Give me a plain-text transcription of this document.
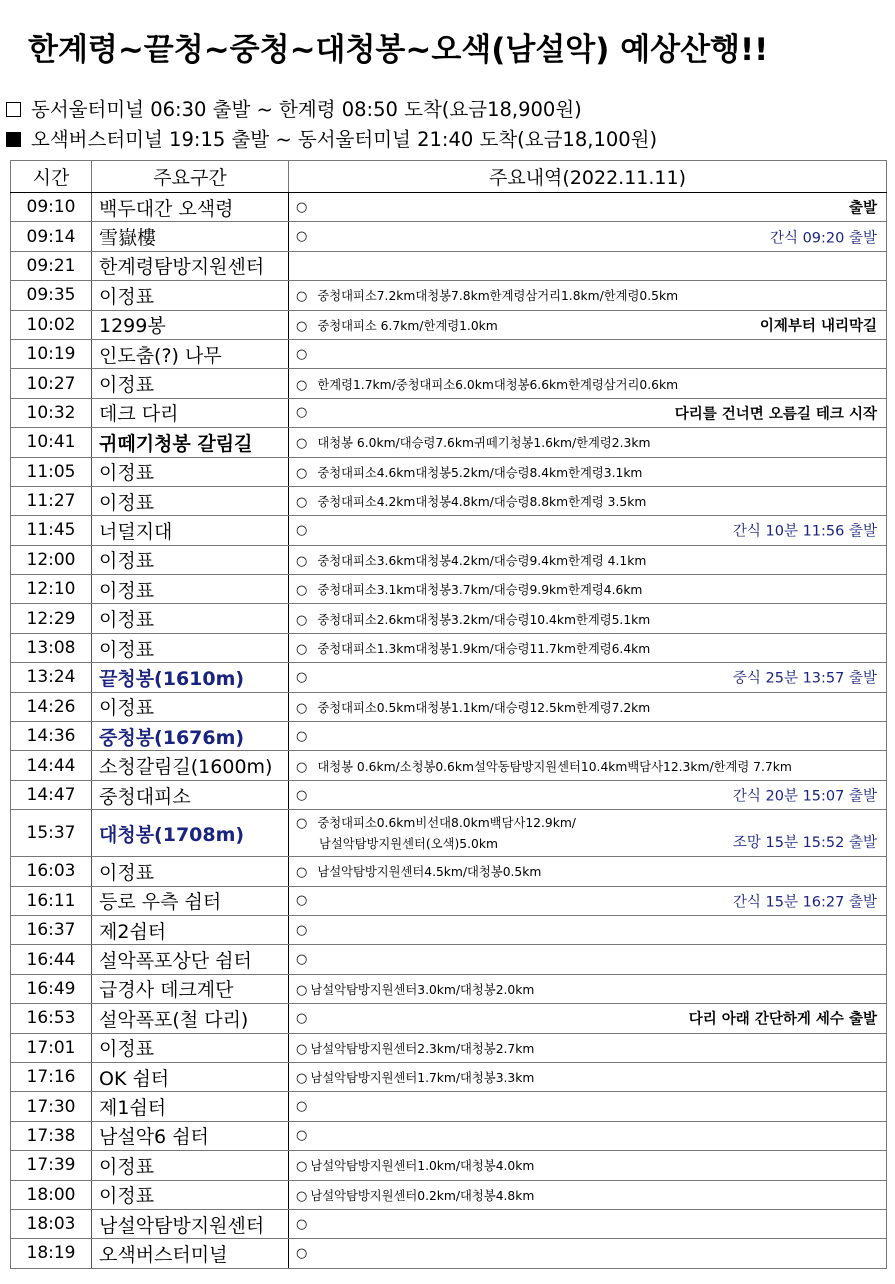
한계령~끝청~중청~대청봉~오색(남설악) 예상산행!!
동서울터미널 06:30 출발 ~ 한계령 08:50 도착(요금18,900원)
오색버스터미널 19:15 출발 ~ 동서울터미널 21:40 도착(요금18,100원)
시간	주요구간	주요내역(2022.11.11)
09:10	백두대간 오색령	○ 출발

09:14	雪嶽樓	○ 간식 09:20 출발

09:21	한계령탐방지원센터	
09:35	이정표	○ 중청대피소7.2km대청봉7.8km한계령삼거리1.8km/한계령0.5km
10:02	1299봉	○ 중청대피소 6.7km/한계령1.0km 이제부터 내리막길

10:19	인도춤(?) 나무	○
10:27	이정표	○ 한계령1.7km/중청대피소6.0km대청봉6.6km한계령삼거리0.6km
10:32	데크 다리	○ 다리를 건너면 오름길 테크 시작

10:41	귀떼기청봉 갈림길	○ 대청봉 6.0km/대승령7.6km귀떼기청봉1.6km/한계령2.3km
11:05	이정표	○ 중청대피소4.6km대청봉5.2km/대승령8.4km한계령3.1km
11:27	이정표	○ 중청대피소4.2km대청봉4.8km/대승령8.8km한계령 3.5km
11:45	너덜지대	○ 간식 10분 11:56 출발

12:00	이정표	○ 중청대피소3.6km대청봉4.2km/대승령9.4km한계령 4.1km
12:10	이정표	○ 중청대피소3.1km대청봉3.7km/대승령9.9km한계령4.6km
12:29	이정표	○ 중청대피소2.6km대청봉3.2km/대승령10.4km한계령5.1km
13:08	이정표	○ 중청대피소1.3km대청봉1.9km/대승령11.7km한계령6.4km
13:24	끝청봉(1610m)	○ 중식 25분 13:57 출발

14:26	이정표	○ 중청대피소0.5km대청봉1.1km/대승령12.5km한계령7.2km
14:36	중청봉(1676m)	○
14:44	소청갈림길(1600m)	○ 대청봉 0.6km/소청봉0.6km설악동탐방지원센터10.4km백담사12.3km/한계령 7.7km
14:47	중청대피소	○ 간식 20분 15:07 출발

15:37	대청봉(1708m)	○ 중청대피소0.6km비선대8.0km백담사12.9km/
남설악탐방지원센터(오색)5.0km 조망 15분 15:52 출발

16:03	이정표	○ 남설악탐방지원센터4.5km/대청봉0.5km
16:11	등로 우측 쉼터	○ 간식 15분 16:27 출발

16:37	제2쉼터	○
16:44	설악폭포상단 쉼터	○
16:49	급경사 데크계단	○ 남설악탐방지원센터3.0km/대청봉2.0km
16:53	설악폭포(철 다리)	○ 다리 아래 간단하게 세수 출발

17:01	이정표	○ 남설악탐방지원센터2.3km/대청봉2.7km
17:16	OK 쉼터	○ 남설악탐방지원센터1.7km/대청봉3.3km
17:30	제1쉼터	○
17:38	남설악6 쉼터	○
17:39	이정표	○ 남설악탐방지원센터1.0km/대청봉4.0km
18:00	이정표	○ 남설악탐방지원센터0.2km/대청봉4.8km
18:03	남설악탐방지원센터	○
18:19	오색버스터미널	○
